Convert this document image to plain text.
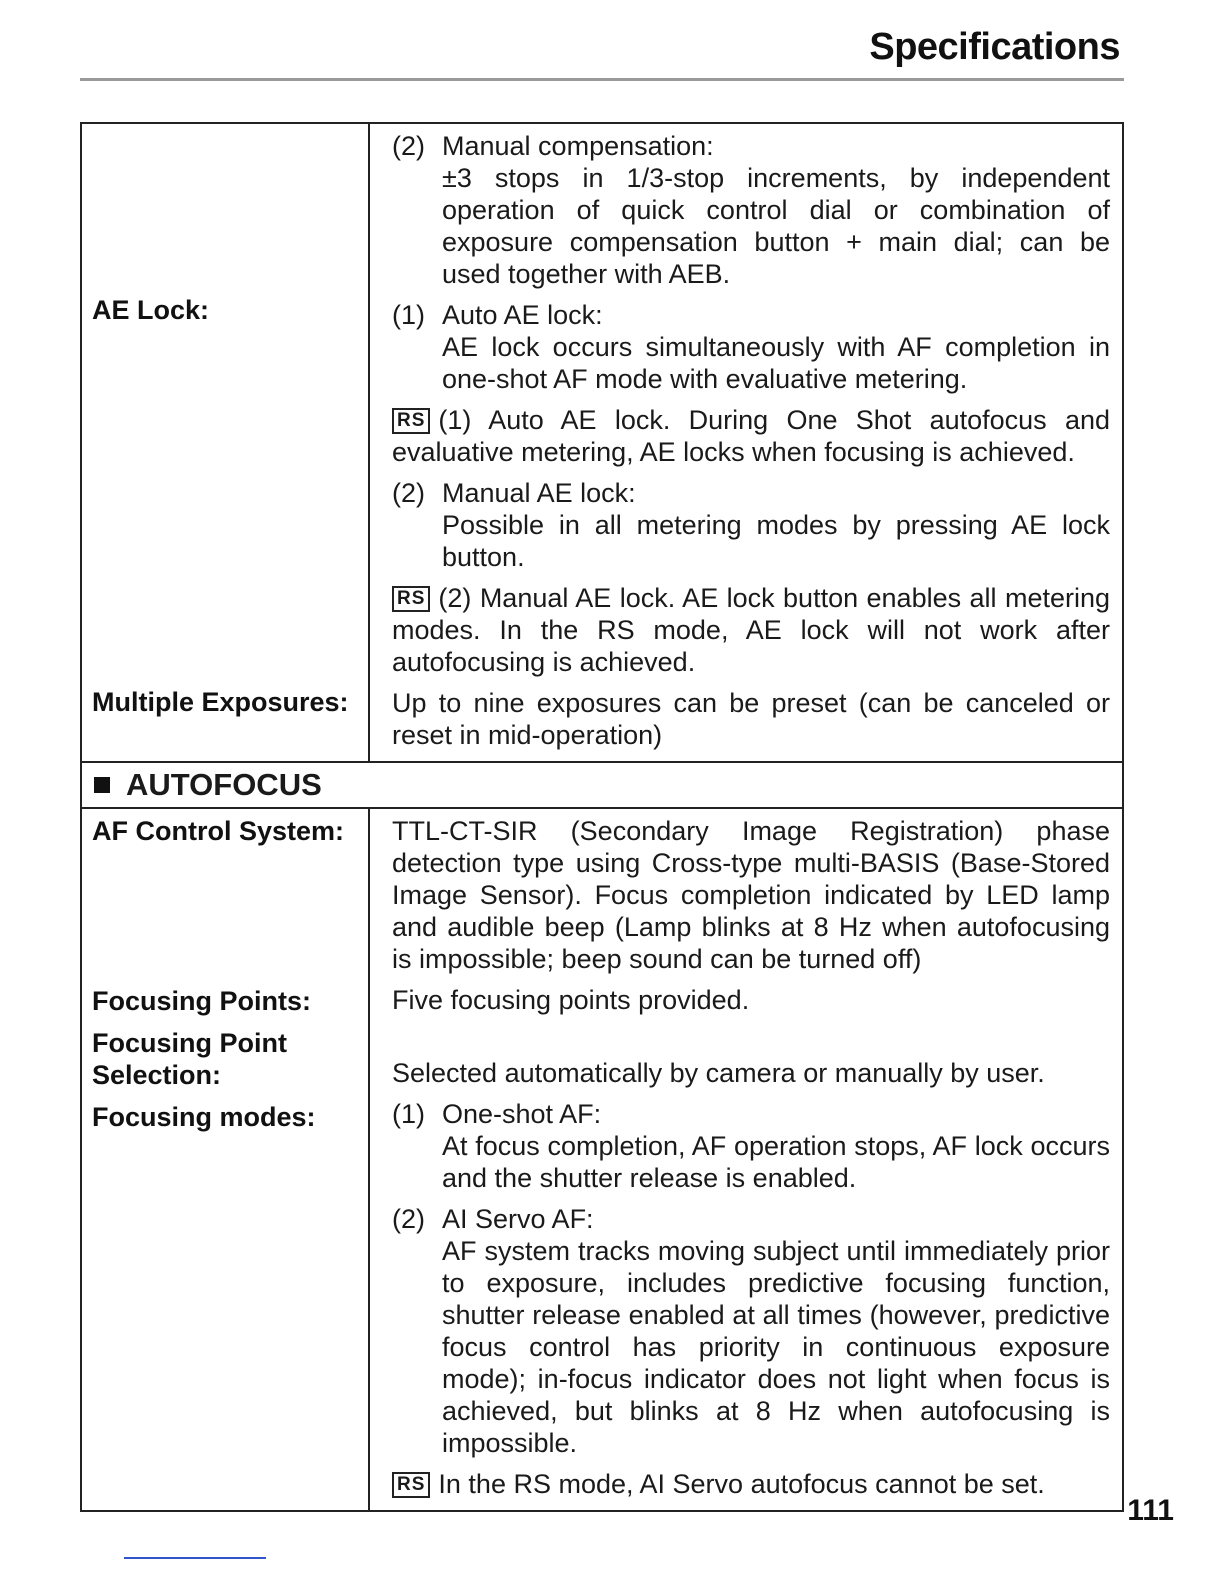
Specifications
AE Lock:
Multiple Exposures:
(2) Manual compensation:
±3 stops in 1/3-stop increments, by independent operation of quick control dial or combination of exposure compensation button + main dial; can be used together with AEB.
(1) Auto AE lock:
AE lock occurs simultaneously with AF completion in one-shot AF mode with evaluative metering.
RS (1) Auto AE lock. During One Shot autofocus and evaluative metering, AE locks when focusing is achieved.
(2) Manual AE lock:
Possible in all metering modes by pressing AE lock button.
RS (2) Manual AE lock. AE lock button enables all metering modes. In the RS mode, AE lock will not work after autofocusing is achieved.
Up to nine exposures can be preset (can be canceled or reset in mid-operation)
AUTOFOCUS
AF Control System:
Focusing Points:
Focusing Point
Selection:
Focusing modes:
TTL-CT-SIR (Secondary Image Registration) phase detection type using Cross-type multi-BASIS (Base-Stored Image Sensor). Focus completion indicated by LED lamp and audible beep (Lamp blinks at 8 Hz when autofocusing is impossible; beep sound can be turned off)
Five focusing points provided.
Selected automatically by camera or manually by user.
(1) One-shot AF:
At focus completion, AF operation stops, AF lock occurs and the shutter release is enabled.
(2) AI Servo AF:
AF system tracks moving subject until immediately prior to exposure, includes predictive focusing function, shutter release enabled at all times (however, predictive focus control has priority in continuous exposure mode); in-focus indicator does not light when focus is achieved, but blinks at 8 Hz when autofocusing is impossible.
RS In the RS mode, AI Servo autofocus cannot be set.
111
